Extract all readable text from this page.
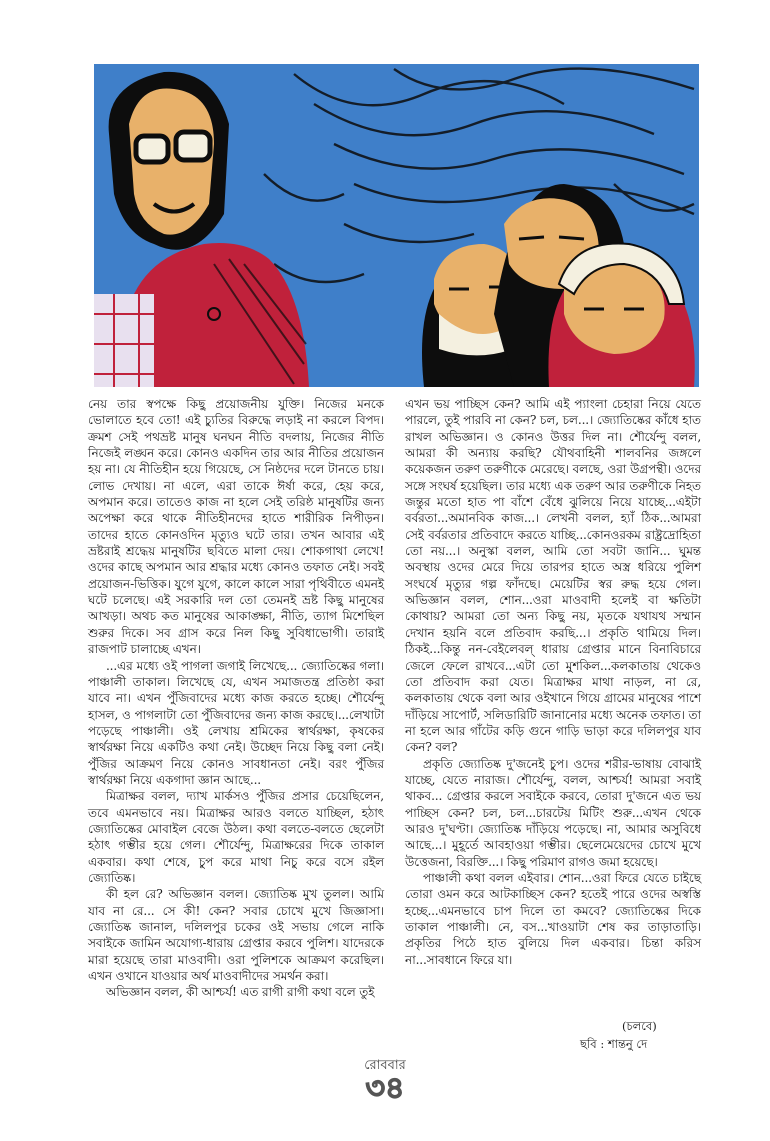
নেয় তার স্বপক্ষে কিছু প্রয়োজনীয় যুক্তি। নিজের মনকে ভোলাতে হবে তো! এই চ্যুতির বিরুদ্ধে লড়াই না করলে বিপদ। ক্রমশ সেই পথভ্রষ্ট মানুষ ঘনঘন নীতি বদলায়, নিজের নীতি নিজেই লঙ্ঘন করে। কোনও একদিন তার আর নীতির প্রয়োজন হয় না। যে নীতিহীন হয়ে গিয়েছে, সে নিষ্ঠদের দলে টানতে চায়। লোভ দেখায়। না এলে, এরা তাকে ঈর্ষা করে, হেয় করে, অপমান করে। তাতেও কাজ না হলে সেই তরিষ্ঠ মানুষটির জন্য অপেক্ষা করে থাকে নীতিহীনদের হাতে শারীরিক নিপীড়ন। তাদের হাতে কোনওদিন মৃত্যুও ঘটে তার। তখন আবার এই ভ্রষ্টরাই শ্রদ্ধেয় মানুষটির ছবিতে মালা দেয়। শোকগাথা লেখে! ওদের কাছে অপমান আর শ্রদ্ধার মধ্যে কোনও তফাত নেই। সবই প্রয়োজন-ভিত্তিক। যুগে যুগে, কালে কালে সারা পৃথিবীতে এমনই ঘটে চলেছে। এই সরকারি দল তো তেমনই ভ্রষ্ট কিছু মানুষের আখড়া। অথচ কত মানুষের আকাঙ্ক্ষা, নীতি, ত্যাগ মিশেছিল শুরুর দিকে। সব গ্রাস করে নিল কিছু সুবিধাভোগী। তারাই রাজপাট চালাচ্ছে এখন।

...এর মধ্যে ওই পাগলা জগাই লিখেছে... জ্যোতিষ্কের গলা। পাঞ্চালী তাকাল। লিখেছে যে, এখন সমাজতন্ত্র প্রতিষ্ঠা করা যাবে না। এখন পুঁজিবাদের মধ্যে কাজ করতে হচ্ছে। শৌর্যেন্দু হাসল, ও পাগলাটা তো পুঁজিবাদের জন্য কাজ করছে।...লেখাটা পড়েছে পাঞ্চালী। ওই লেখায় শ্রমিকের স্বার্থরক্ষা, কৃষকের স্বার্থরক্ষা নিয়ে একটিও কথা নেই। উচ্ছেদ নিয়ে কিছু বলা নেই। পুঁজির আক্রমণ নিয়ে কোনও সাবধানতা নেই। বরং পুঁজির স্বার্থরক্ষা নিয়ে একগাদা জ্ঞান আছে...

মিত্রাক্ষর বলল, দ্যাখ মার্কসও পুঁজির প্রসার চেয়েছিলেন, তবে এমনভাবে নয়। মিত্রাক্ষর আরও বলতে যাচ্ছিল, হঠাৎ জ্যোতিষ্কের মোবাইল বেজে উঠল। কথা বলতে-বলতে ছেলেটা হঠাৎ গম্ভীর হয়ে গেল। শৌর্যেন্দু, মিত্রাক্ষরের দিকে তাকাল একবার। কথা শেষে, চুপ করে মাথা নিচু করে বসে রইল জ্যোতিষ্ক।

কী হল রে? অভিজ্ঞান বলল। জ্যোতিষ্ক মুখ তুলল। আমি যাব না রে... সে কী! কেন? সবার চোখে মুখে জিজ্ঞাসা। জ্যোতিষ্ক জানাল, দলিলপুর চকের ওই সভায় গেলে নাকি সবাইকে জামিন অযোগ্য-ধারায় গ্রেপ্তার করবে পুলিশ। যাদেরকে মারা হয়েছে তারা মাওবাদী। ওরা পুলিশকে আক্রমণ করেছিল। এখন ওখানে যাওয়ার অর্থ মাওবাদীদের সমর্থন করা।

অভিজ্ঞান বলল, কী আশ্চর্য! এত রাগী রাগী কথা বলে তুই

এখন ভয় পাচ্ছিস কেন? আমি এই প্যাংলা চেহারা নিয়ে যেতে পারলে, তুই পারবি না কেন? চল, চল...। জ্যোতিষ্কের কাঁধে হাত রাখল অভিজ্ঞান। ও কোনও উত্তর দিল না। শৌর্যেন্দু বলল, আমরা কী অন্যায় করছি? যৌথবাহিনী শালবনির জঙ্গলে কয়েকজন তরুণ তরুণীকে মেরেছে। বলছে, ওরা উগ্রপন্থী। ওদের সঙ্গে সংঘর্ষ হয়েছিল। তার মধ্যে এক তরুণ আর তরুণীকে নিহত জন্তুর মতো হাত পা বাঁশে বেঁধে ঝুলিয়ে নিয়ে যাচ্ছে...এইটা বর্বরতা...অমানবিক কাজ...। লেখনী বলল, হ্যাঁ ঠিক...আমরা সেই বর্বরতার প্রতিবাদে করতে যাচ্ছি...কোনওরকম রাষ্ট্রদ্রোহিতা তো নয়...। অনুস্কা বলল, আমি তো সবটা জানি... ঘুমন্ত অবস্থায় ওদের মেরে দিয়ে তারপর হাতে অস্ত্র ধরিয়ে পুলিশ সংঘর্ষে মৃত্যুর গল্প ফাঁদছে। মেয়েটির স্বর রুদ্ধ হয়ে গেল। অভিজ্ঞান বলল, শোন...ওরা মাওবাদী হলেই বা ক্ষতিটা কোথায়? আমরা তো অন্য কিছু নয়, মৃতকে যথাযথ সম্মান দেখান হয়নি বলে প্রতিবাদ করছি...। প্রকৃতি থামিয়ে দিল। ঠিকই...কিন্তু নন-বেইলেবল্‌ ধারায় গ্রেপ্তার মানে বিনাবিচারে জেলে ফেলে রাখবে...এটা তো মুশকিল...কলকাতায় থেকেও তো প্রতিবাদ করা যেত। মিত্রাক্ষর মাথা নাড়ল, না রে, কলকাতায় থেকে বলা আর ওইখানে গিয়ে গ্রামের মানুষের পাশে দাঁড়িয়ে সাপোর্ট, সলিডারিটি জানানোর মধ্যে অনেক তফাত। তা না হলে আর গাঁটের কড়ি গুনে গাড়ি ভাড়া করে দলিলপুর যাব কেন? বল?

প্রকৃতি জ্যোতিষ্ক দু'জনেই চুপ। ওদের শরীর-ভাষায় বোঝাই যাচ্ছে, যেতে নারাজ। শৌর্যেন্দু, বলল, আশ্চর্য! আমরা সবাই থাকব... গ্রেপ্তার করলে সবাইকে করবে, তোরা দু'জনে এত ভয় পাচ্ছিস কেন? চল, চল...চারটেয় মিটিং শুরু...এখন থেকে আরও দু'ঘণ্টা। জ্যোতিষ্ক দাঁড়িয়ে পড়েছে। না, আমার অসুবিধে আছে...। মুহূর্তে আবহাওয়া গম্ভীর। ছেলেমেয়েদের চোখে মুখে উত্তেজনা, বিরক্তি...। কিছু পরিমাণ রাগও জমা হয়েছে।

পাঞ্চালী কথা বলল এইবার। শোন...ওরা ফিরে যেতে চাইছে তোরা ওমন করে আটকাচ্ছিস কেন? হতেই পারে ওদের অস্বস্তি হচ্ছে...এমনভাবে চাপ দিলে তা কমবে? জ্যোতিষ্কের দিকে তাকাল পাঞ্চালী। নে, বস...খাওয়াটা শেষ কর তাড়াতাড়ি। প্রকৃতির পিঠে হাত বুলিয়ে দিল একবার। চিন্তা করিস না...সাবধানে ফিরে যা।

(চলবে)
ছবি : শান্তনু দে
রোববার
৩৪
